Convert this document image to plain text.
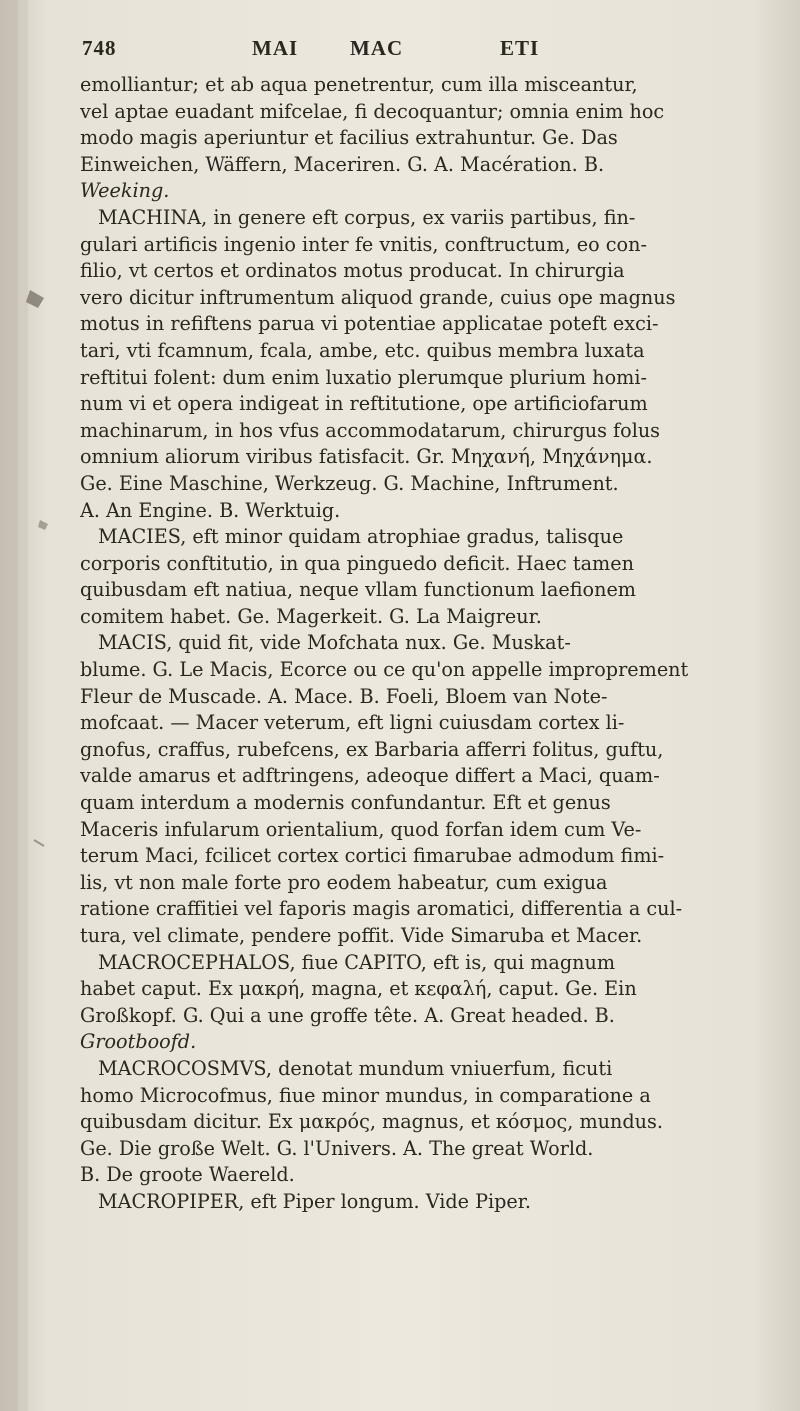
748	MAI MAC	ETI
emolliantur; et ab aqua penetrentur, cum illa misceantur,
vel aptae euadant mifcelae, fi decoquantur; omnia enim hoc
modo magis aperiuntur et facilius extrahuntur. Ge. Das
Einweichen, Wäffern, Maceriren. G. A. Macération. B.
Weeking.
MACHINA, in genere eft corpus, ex variis partibus, fin-
gulari artificis ingenio inter fe vnitis, conftructum, eo con-
filio, vt certos et ordinatos motus producat. In chirurgia
vero dicitur inftrumentum aliquod grande, cuius ope magnus
motus in refiftens parua vi potentiae applicatae poteft exci-
tari, vti fcamnum, fcala, ambe, etc. quibus membra luxata
reftitui folent: dum enim luxatio plerumque plurium homi-
num vi et opera indigeat in reftitutione, ope artificiofarum
machinarum, in hos vfus accommodatarum, chirurgus folus
omnium aliorum viribus fatisfacit. Gr. Μηχανή, Μηχάνημα.
Ge. Eine Maschine, Werkzeug. G. Machine, Inftrument.
A. An Engine. B. Werktuig.
MACIES, eft minor quidam atrophiae gradus, talisque
corporis conftitutio, in qua pinguedo deficit. Haec tamen
quibusdam eft natiua, neque vllam functionum laefionem
comitem habet. Ge. Magerkeit. G. La Maigreur.
MACIS, quid fit, vide Mofchata nux. Ge. Muskat-
blume. G. Le Macis, Ecorce ou ce qu'on appelle improprement
Fleur de Muscade. A. Mace. B. Foeli, Bloem van Note-
mofcaat. — Macer veterum, eft ligni cuiusdam cortex li-
gnofus, craffus, rubefcens, ex Barbaria afferri folitus, guftu,
valde amarus et adftringens, adeoque differt a Maci, quam-
quam interdum a modernis confundantur. Eft et genus
Maceris infularum orientalium, quod forfan idem cum Ve-
terum Maci, fcilicet cortex cortici fimarubae admodum fimi-
lis, vt non male forte pro eodem habeatur, cum exigua
ratione craffitiei vel faporis magis aromatici, differentia a cul-
tura, vel climate, pendere poffit. Vide Simaruba et Macer.
MACROCEPHALOS, fiue CAPITO, eft is, qui magnum
habet caput. Ex μακρή, magna, et κεφαλή, caput. Ge. Ein
Großkopf. G. Qui a une groffe tête. A. Great headed. B.
Grootboofd.
MACROCOSMVS, denotat mundum vniuerfum, ficuti
homo Microcofmus, fiue minor mundus, in comparatione a
quibusdam dicitur. Ex μακρός, magnus, et κόσμος, mundus.
Ge. Die große Welt. G. l'Univers. A. The great World.
B. De groote Waereld.
MACROPIPER, eft Piper longum. Vide Piper.
